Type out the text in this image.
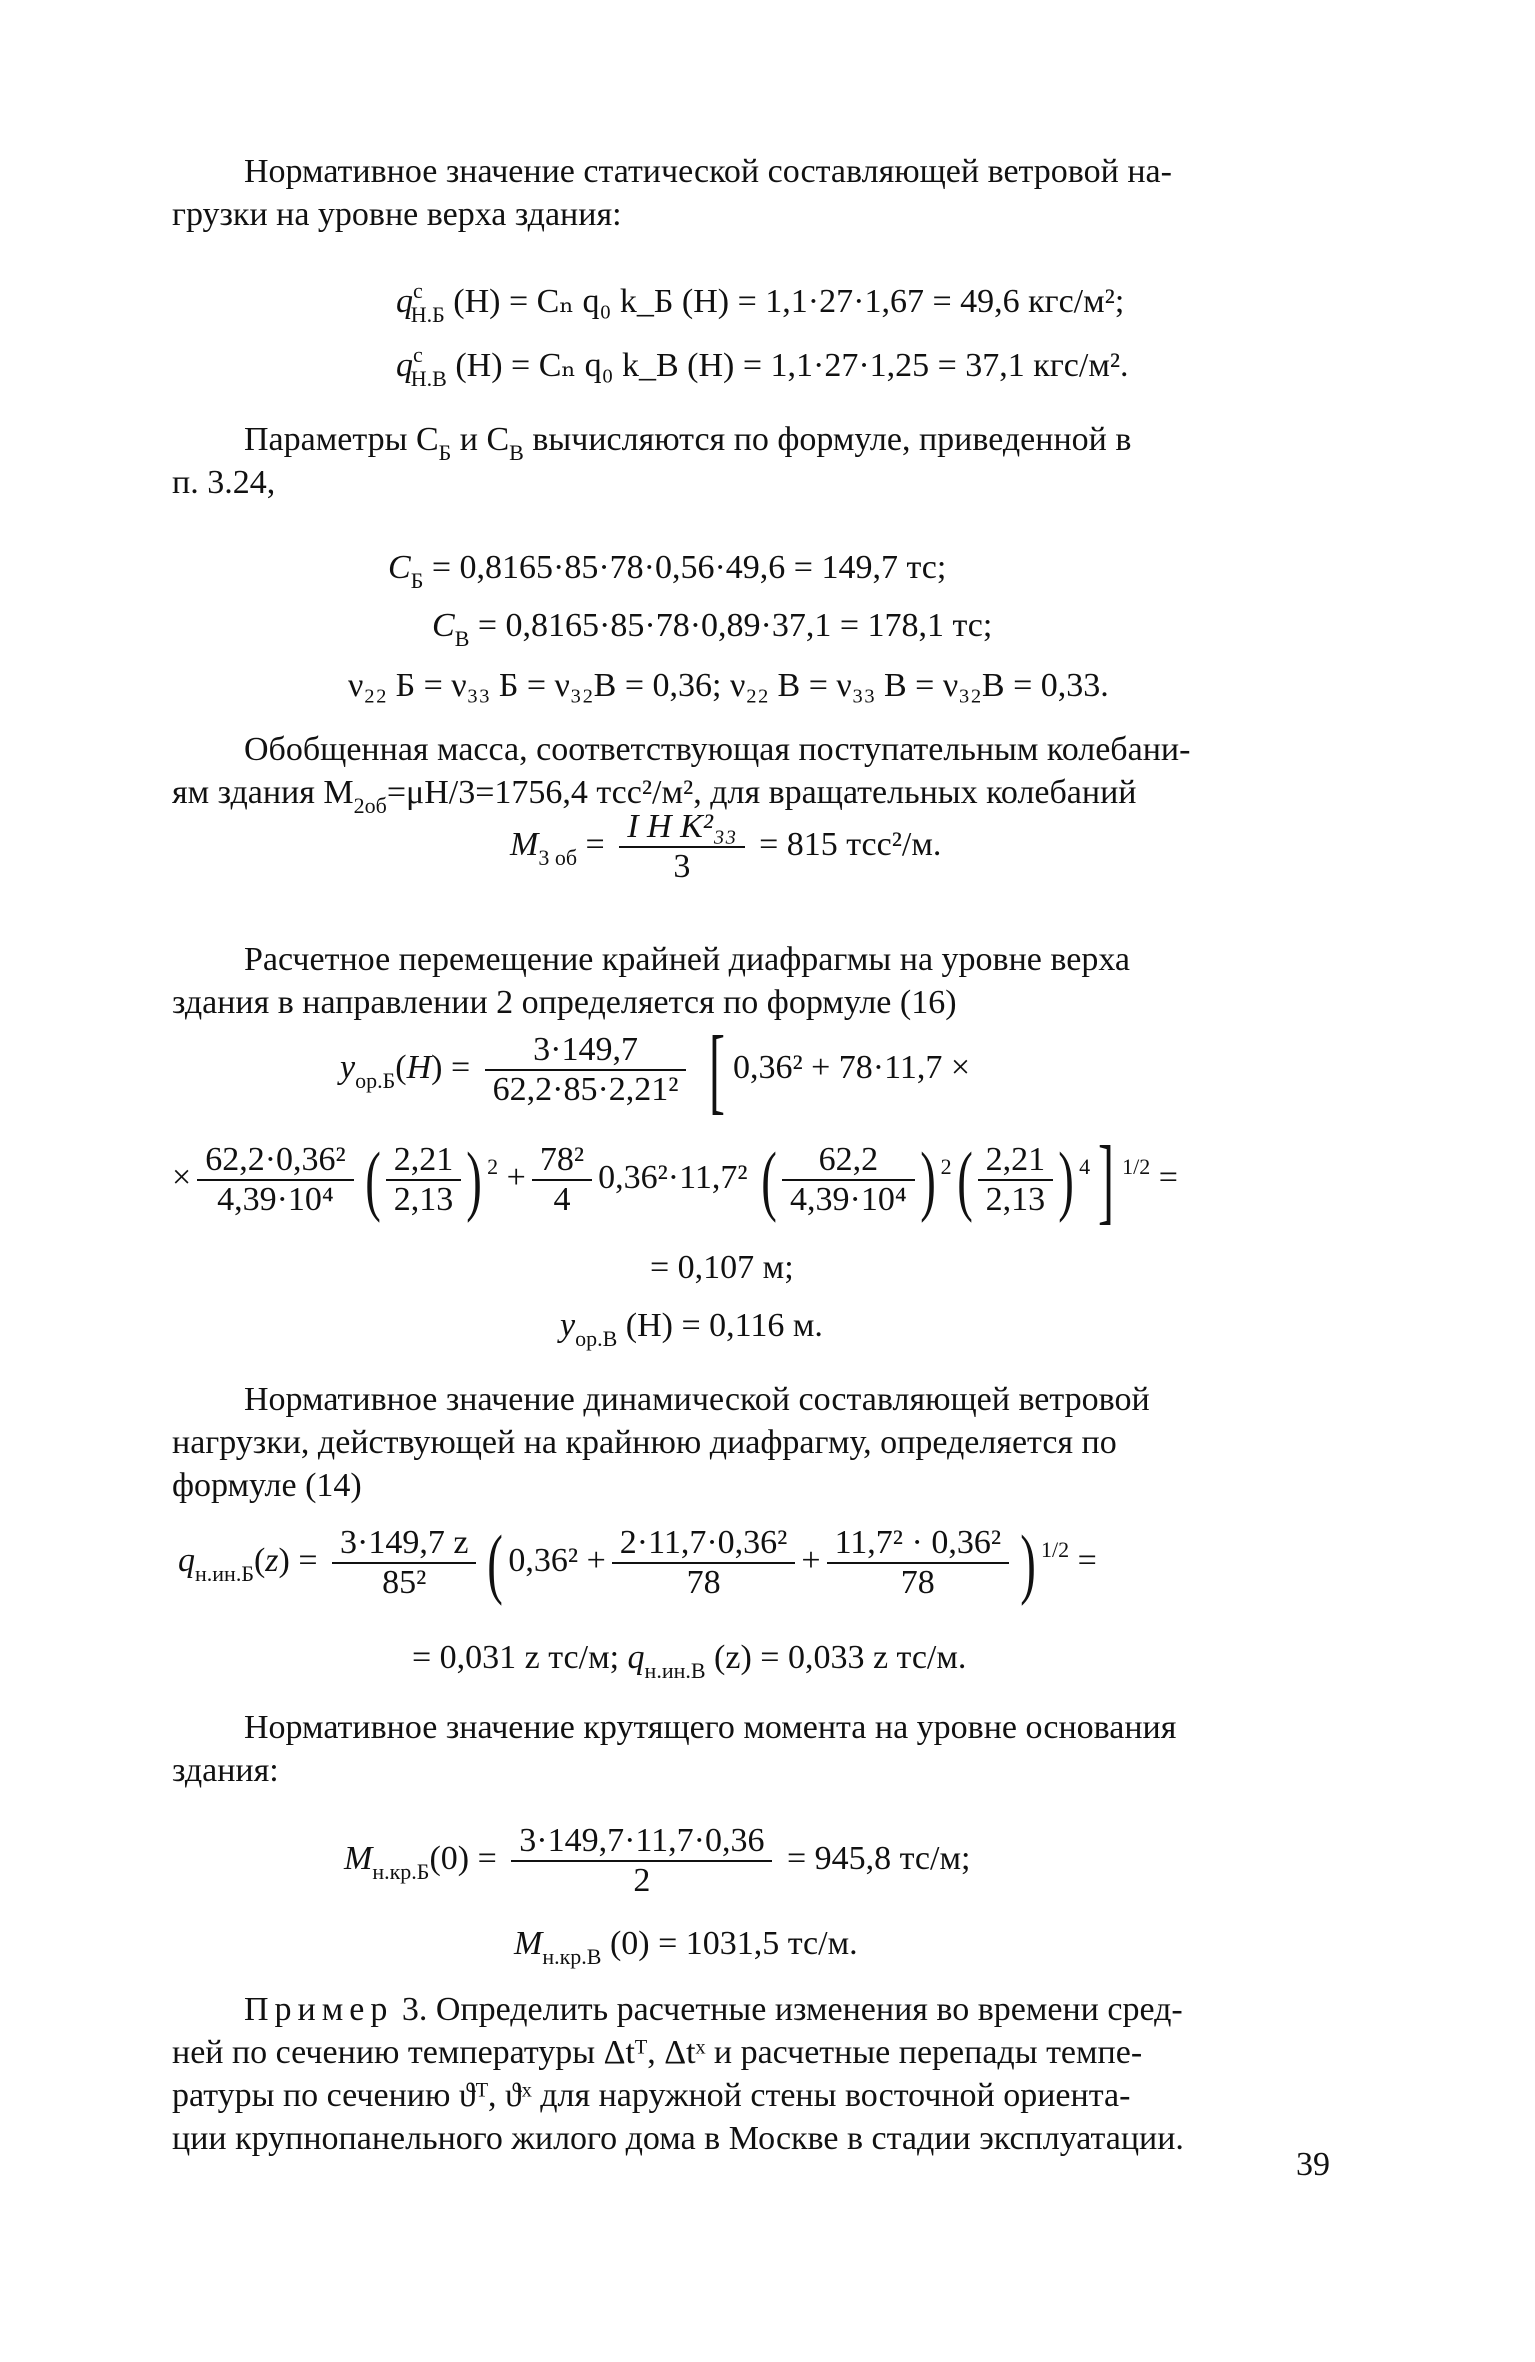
Нормативное значение статической составляющей ветровой на-
грузки на уровне верха здания:
$q^c_{Н.Б}$ (H) = Cₙ q₀ k_Б (H) = 1,1·27·1,67 = 49,6 кгс/м²;
$q^c_{Н.В}$ (H) = Cₙ q₀ k_В (H) = 1,1·27·1,25 = 37,1 кгс/м².
Параметры $C_Б$ и $C_В$ вычисляются по формуле, приведенной в
п. 3.24,
$C_Б = 0,8165\cdot 85\cdot 78\cdot 0,56\cdot 49,6 = 149,7$ тс;
$C_В = 0,8165\cdot 85\cdot 78\cdot 0,89\cdot 37,1 = 178,1$ тс;
ν₂₂ Б = ν₃₃ Б = ν₃₂В = 0,36; ν₂₂ В = ν₃₃ В = ν₃₂В = 0,33.
Обобщенная масса, соответствующая поступательным колебани-
ям здания $M_{2об}=\mu H/3=1756,4$ тсс²/м², для вращательных колебаний
$M_{3 об} = \frac{\text{I H K²₃₃}}{3} = 815$ тсс²/м.
Расчетное перемещение крайней диафрагмы на уровне верха
здания в направлении 2 определяется по формуле (16)
$y_{ор.Б}(H) = \frac{3\cdot 149,7}{\text{62,2·85·2,21²}}$ [ 0,36² + 78·11,7 ×
× $\frac{\text{62,2·0,36²}}{\text{4,39·10⁴}}$ ( $\frac{2,21}{2,13}$ ) $^2 + \frac{\text{78²}}{4} 0,36^2\cdot 11,7^2$ ( $\frac{62,2}{\text{4,39·10⁴}}$ ) $^2( \frac{2,21}{2,13}$ ) $^4$] $^{1/2}$ =
= 0,107 м;
$y_{ор.В}$ (H) = 0,116 м.
Нормативное значение динамической составляющей ветровой
нагрузки, действующей на крайнюю диафрагму, определяется по
формуле (14)
$q_{н.ин.Б}(z) = \frac{3\cdot 149,7 z}{\text{85²}}$ ( $0,36^2 + \frac{\text{2·11,7·0,36²}}{78} + \frac{\text{11,7² · 0,36²}}{78}$ ) $^{1/2}$ =
= 0,031 z тс/м; $q_{н.ин.В}$ (z) = 0,033 z тс/м.
Нормативное значение крутящего момента на уровне основания
здания:
$M_{н.кр.Б}(0) = \frac{3\cdot 149,7\cdot 11,7\cdot 0,36}{2} = 945,8$ тс/м;
$M_{н.кр.В}$ (0) = 1031,5 тс/м.
Пример 3. Определить расчетные изменения во времени сред-
ней по сечению температуры Δtᵀ, Δtˣ и расчетные перепады темпе-
ратуры по сечению ϑᵀ, ϑˣ для наружной стены восточной ориента-
ции крупнопанельного жилого дома в Москве в стадии эксплуатации.
39
